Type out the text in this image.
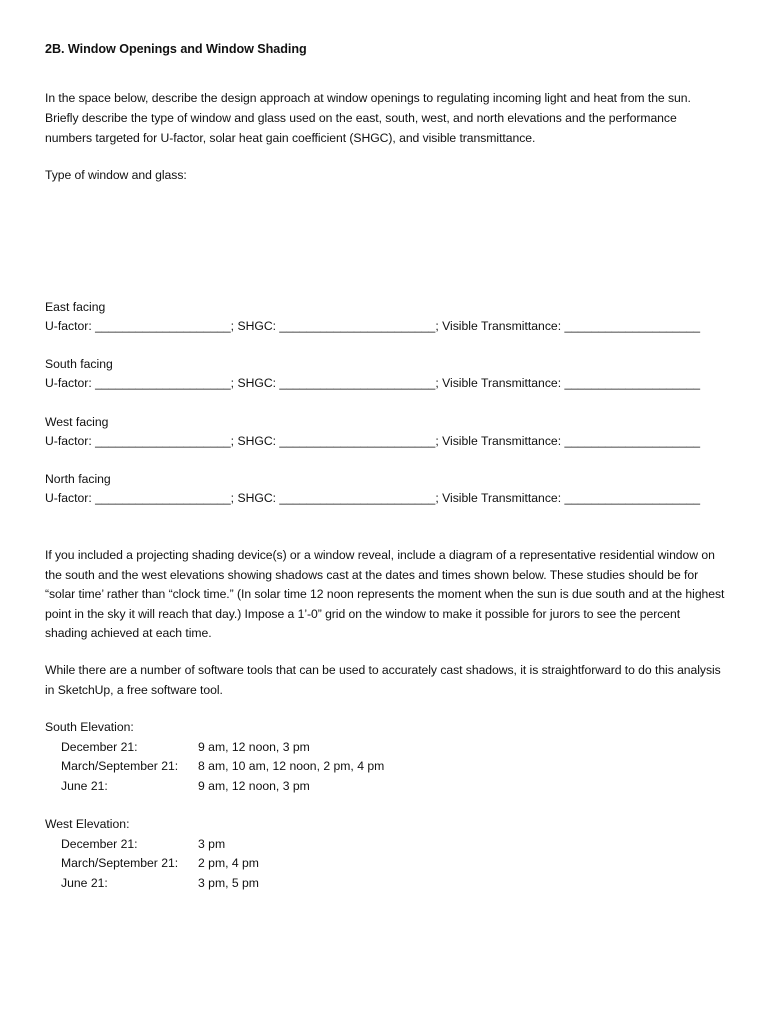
2B. Window Openings and Window Shading
In the space below, describe the design approach at window openings to regulating incoming light and heat from the sun. Briefly describe the type of window and glass used on the east, south, west, and north elevations and the performance numbers targeted for U-factor, solar heat gain coefficient (SHGC), and visible transmittance.
Type of window and glass:
East facing
U-factor: ____________________; SHGC: _______________________; Visible Transmittance: ____________________
South facing
U-factor: ____________________; SHGC: _______________________; Visible Transmittance: ____________________
West facing
U-factor: ____________________; SHGC: _______________________; Visible Transmittance: ____________________
North facing
U-factor: ____________________; SHGC: _______________________; Visible Transmittance: ____________________
If you included a projecting shading device(s) or a window reveal, include a diagram of a representative residential window on the south and the west elevations showing shadows cast at the dates and times shown below. These studies should be for “solar time’ rather than “clock time.” (In solar time 12 noon represents the moment when the sun is due south and at the highest point in the sky it will reach that day.) Impose a 1’-0” grid on the window to make it possible for jurors to see the percent shading achieved at each time.
While there are a number of software tools that can be used to accurately cast shadows, it is straightforward to do this analysis in SketchUp, a free software tool.
South Elevation:
December 21:	9 am, 12 noon, 3 pm
March/September 21: 8 am, 10 am, 12 noon, 2 pm, 4 pm
June 21:	9 am, 12 noon, 3 pm
West Elevation:
December 21:	3 pm
March/September 21: 2 pm, 4 pm
June 21:	3 pm, 5 pm
